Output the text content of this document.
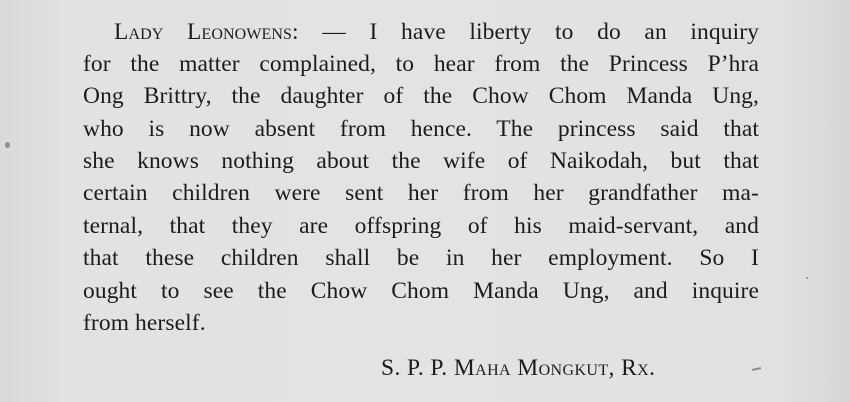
Lady Leonowens: — I have liberty to do an inquiry
for the matter complained, to hear from the Princess P’hra
Ong Brittry, the daughter of the Chow Chom Manda Ung,
who is now absent from hence. The princess said that
she knows nothing about the wife of Naikodah, but that
certain children were sent her from her grandfather ma-
ternal, that they are offspring of his maid-servant, and
that these children shall be in her employment. So I
ought to see the Chow Chom Manda Ung, and inquire
from herself.
S. P. P. Maha Mongkut, Rx.
